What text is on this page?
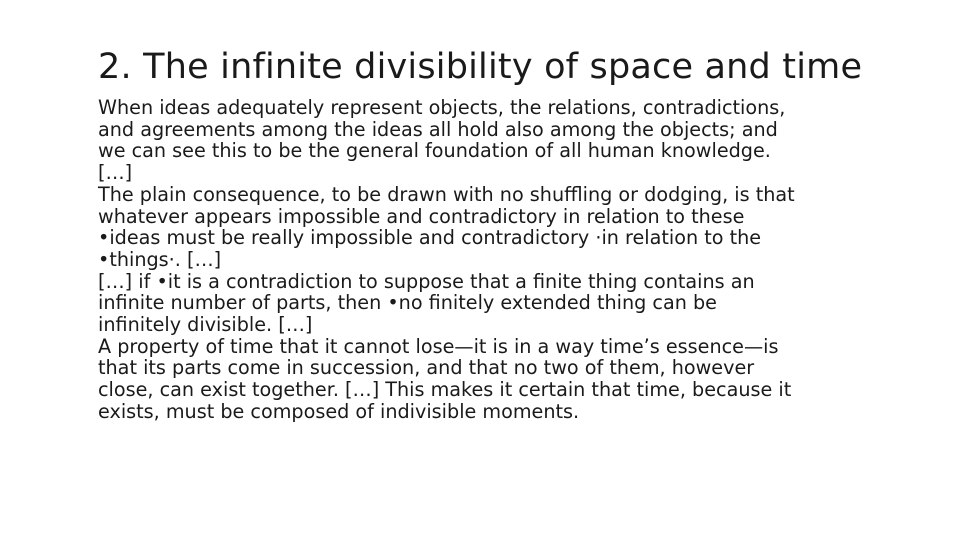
2. The infinite divisibility of space and time
When ideas adequately represent objects, the relations, contradictions,
and agreements among the ideas all hold also among the objects; and
we can see this to be the general foundation of all human knowledge.
[…]
The plain consequence, to be drawn with no shuffling or dodging, is that
whatever appears impossible and contradictory in relation to these
•ideas must be really impossible and contradictory ·in relation to the
•things·. […]
[…] if •it is a contradiction to suppose that a finite thing contains an
infinite number of parts, then •no finitely extended thing can be
infinitely divisible. […]
A property of time that it cannot lose—it is in a way time’s essence—is
that its parts come in succession, and that no two of them, however
close, can exist together. […] This makes it certain that time, because it
exists, must be composed of indivisible moments.
